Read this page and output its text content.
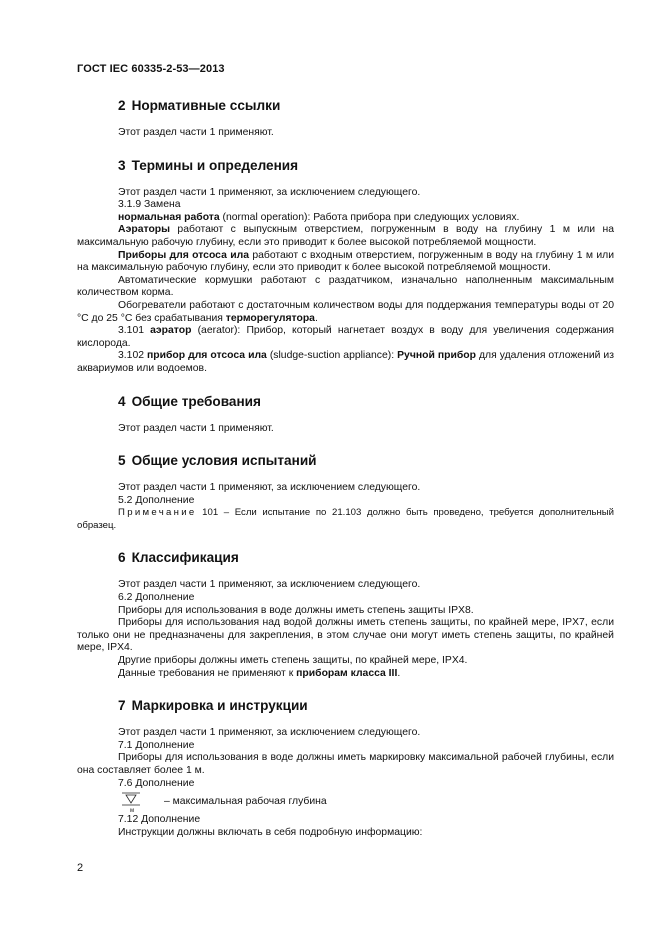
ГОСТ IEC 60335-2-53—2013
2 Нормативные ссылки

Этот раздел части 1 применяют.

3 Термины и определения

Этот раздел части 1 применяют, за исключением следующего.

3.1.9 Замена

нормальная работа (normal operation): Работа прибора при следующих условиях.

Аэраторы работают с выпускным отверстием, погруженным в воду на глубину 1 м или на максимальную рабочую глубину, если это приводит к более высокой потребляемой мощности.

Приборы для отсоса ила работают с входным отверстием, погруженным в воду на глубину 1 м или на максимальную рабочую глубину, если это приводит к более высокой потребляемой мощности.

Автоматические кормушки работают с раздатчиком, изначально наполненным максимальным количеством корма.

Обогреватели работают с достаточным количеством воды для поддержания температуры воды от 20 °С до 25 °С без срабатывания терморегулятора.

3.101 аэратор (aerator): Прибор, который нагнетает воздух в воду для увеличения содержания кислорода.

3.102 прибор для отсоса ила (sludge-suction appliance): Ручной прибор для удаления отложений из аквариумов или водоемов.

4 Общие требования

Этот раздел части 1 применяют.

5 Общие условия испытаний

Этот раздел части 1 применяют, за исключением следующего.

5.2 Дополнение

Примечание 101 – Если испытание по 21.103 должно быть проведено, требуется дополнительный образец.

6 Классификация

Этот раздел части 1 применяют, за исключением следующего.

6.2 Дополнение

Приборы для использования в воде должны иметь степень защиты IPX8.

Приборы для использования над водой должны иметь степень защиты, по крайней мере, IPX7, если только они не предназначены для закрепления, в этом случае они могут иметь степень защиты, по крайней мере, IPX4.

Другие приборы должны иметь степень защиты, по крайней мере, IPX4.

Данные требования не применяют к приборам класса III.

7 Маркировка и инструкции

Этот раздел части 1 применяют, за исключением следующего.

7.1 Дополнение

Приборы для использования в воде должны иметь маркировку максимальной рабочей глубины, если она составляет более 1 м.

7.6 Дополнение

м
– максимальная рабочая глубина

7.12 Дополнение

Инструкции должны включать в себя подробную информацию:

2
